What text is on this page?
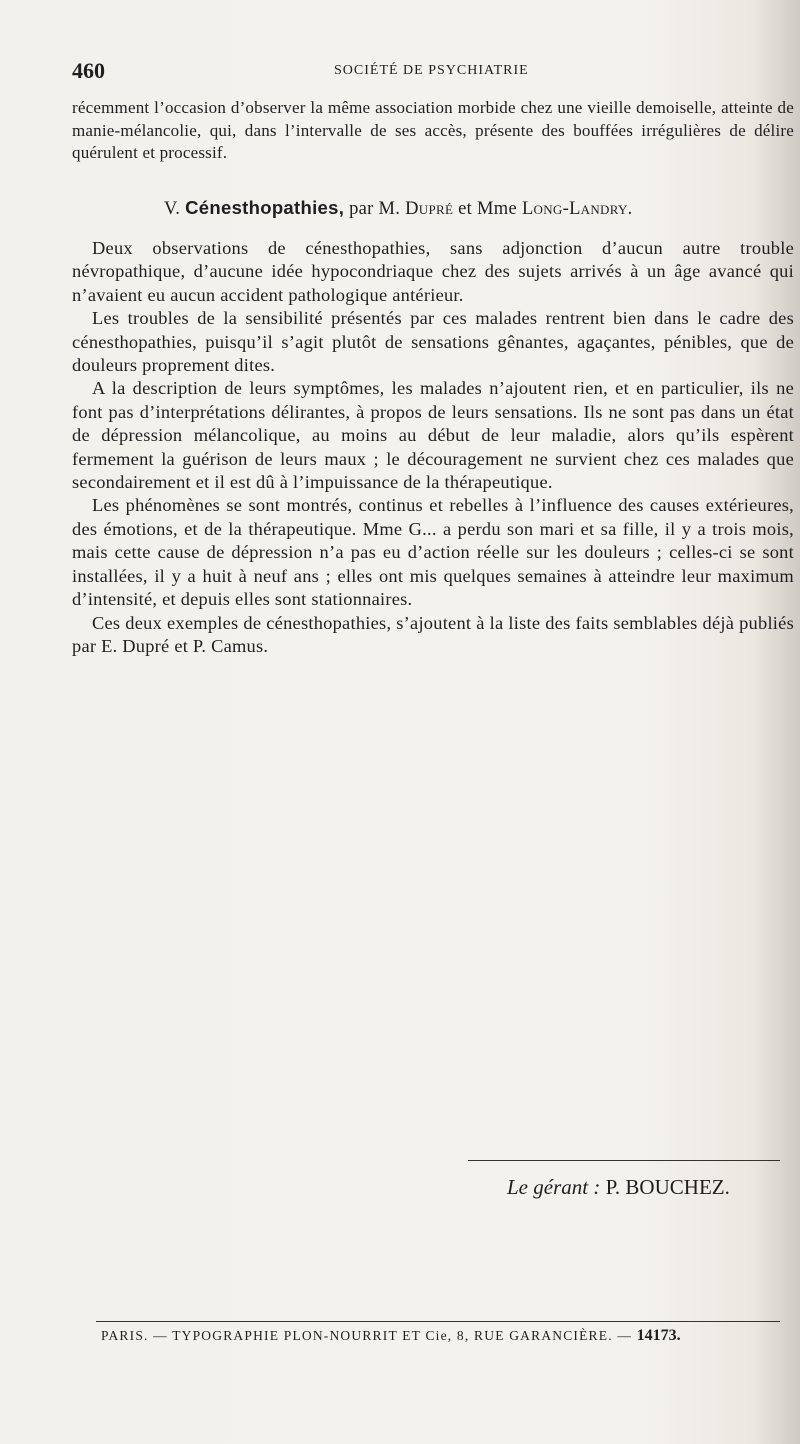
460	SOCIÉTÉ DE PSYCHIATRIE

récemment l’occasion d’observer la même association morbide chez une vieille demoiselle, atteinte de manie-mélancolie, qui, dans l’intervalle de ses accès, présente des bouffées irrégulières de délire quérulent et processif.

V. Cénesthopathies, par M. Dupré et Mme Long-Landry.

Deux observations de cénesthopathies, sans adjonction d’aucun autre trouble névropathique, d’aucune idée hypocondriaque chez des sujets arrivés à un âge avancé qui n’avaient eu aucun accident pathologique antérieur.

Les troubles de la sensibilité présentés par ces malades rentrent bien dans le cadre des cénesthopathies, puisqu’il s’agit plutôt de sensations gênantes, agaçantes, pénibles, que de douleurs proprement dites.

A la description de leurs symptômes, les malades n’ajoutent rien, et en particulier, ils ne font pas d’interprétations délirantes, à propos de leurs sensations. Ils ne sont pas dans un état de dépression mélancolique, au moins au début de leur maladie, alors qu’ils espèrent fermement la guérison de leurs maux ; le découragement ne survient chez ces malades que secondairement et il est dû à l’impuissance de la thérapeutique.

Les phénomènes se sont montrés, continus et rebelles à l’influence des causes extérieures, des émotions, et de la thérapeutique. Mme G... a perdu son mari et sa fille, il y a trois mois, mais cette cause de dépression n’a pas eu d’action réelle sur les douleurs ; celles-ci se sont installées, il y a huit à neuf ans ; elles ont mis quelques semaines à atteindre leur maximum d’intensité, et depuis elles sont stationnaires.

Ces deux exemples de cénesthopathies, s’ajoutent à la liste des faits semblables déjà publiés par E. Dupré et P. Camus.

Le gérant : P. BOUCHEZ.
PARIS. — TYPOGRAPHIE PLON-NOURRIT ET Cie, 8, RUE GARANCIÈRE. — 14173.
